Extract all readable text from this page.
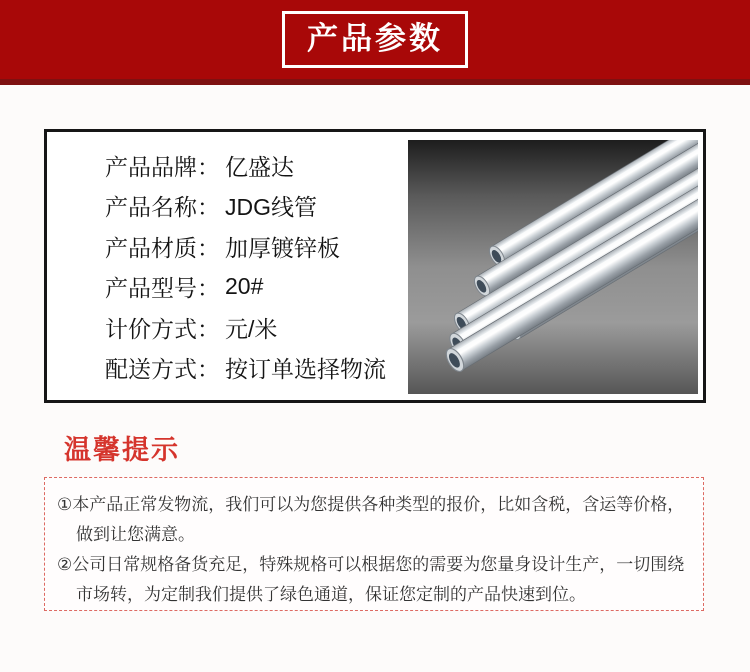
产品参数
产品品牌： 亿盛达
产品名称： JDG线管
产品材质： 加厚镀锌板
产品型号： 20#
计价方式： 元/米
配送方式： 按订单选择物流
温馨提示

①本产品正常发物流，我们可以为您提供各种类型的报价，比如含税，含运等价格，做到让您满意。

②公司日常规格备货充足，特殊规格可以根据您的需要为您量身设计生产，一切围绕市场转，为定制我们提供了绿色通道，保证您定制的产品快速到位。
